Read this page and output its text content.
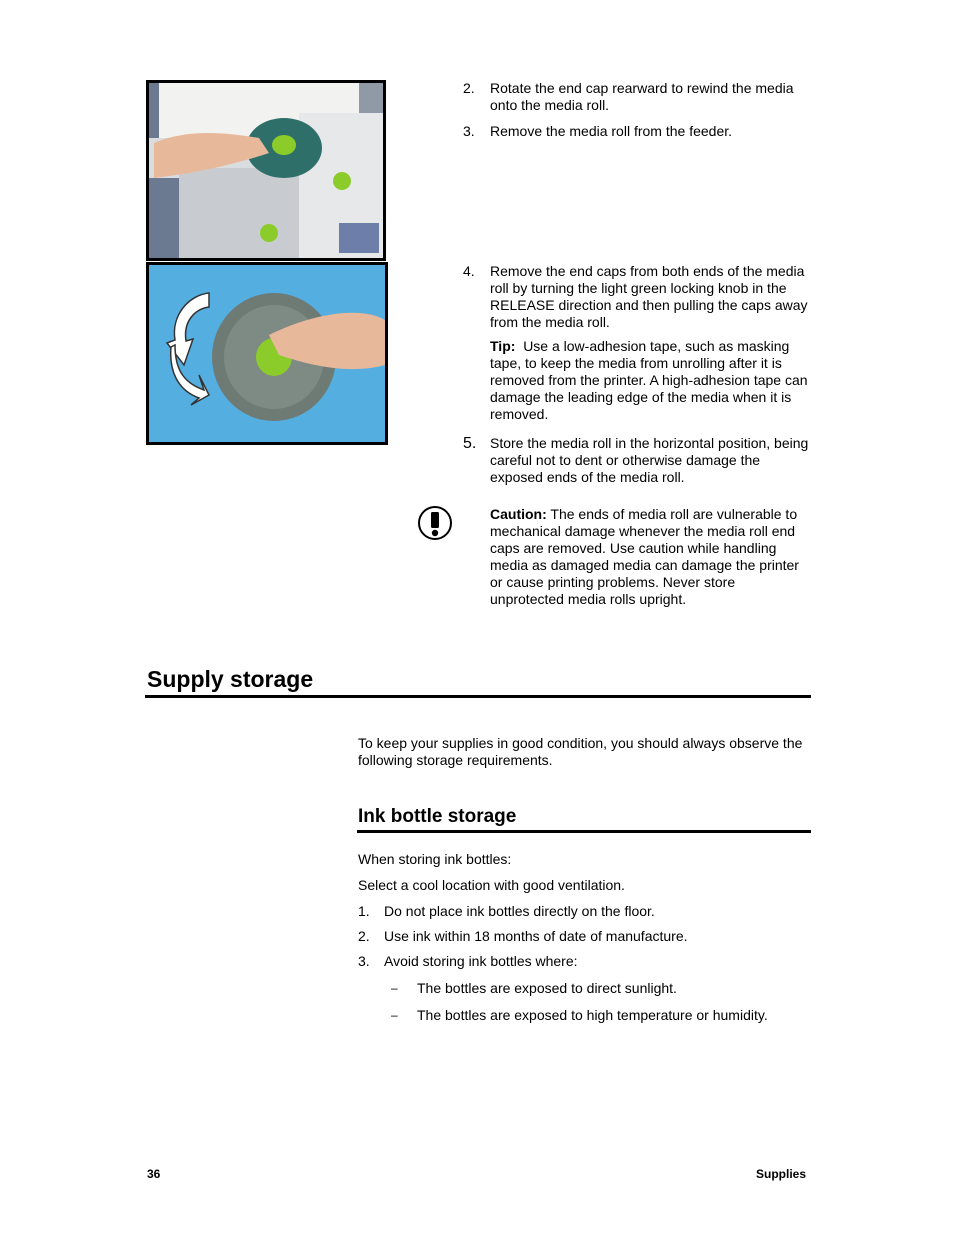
2. Rotate the end cap rearward to rewind the media onto the media roll.
3. Remove the media roll from the feeder.
4. Remove the end caps from both ends of the media roll by turning the light green locking knob in the RELEASE direction and then pulling the caps away from the media roll.
Tip: Use a low-adhesion tape, such as masking tape, to keep the media from unrolling after it is removed from the printer. A high-adhesion tape can damage the leading edge of the media when it is removed.
5. Store the media roll in the horizontal position, being careful not to dent or otherwise damage the exposed ends of the media roll.
Caution: The ends of media roll are vulnerable to mechanical damage whenever the media roll end caps are removed. Use caution while handling media as damaged media can damage the printer or cause printing problems. Never store unprotected media rolls upright.
Supply storage
To keep your supplies in good condition, you should always observe the following storage requirements.
Ink bottle storage
When storing ink bottles:
Select a cool location with good ventilation.
1. Do not place ink bottles directly on the floor.
2. Use ink within 18 months of date of manufacture.
3. Avoid storing ink bottles where:
– The bottles are exposed to direct sunlight.
– The bottles are exposed to high temperature or humidity.
36	Supplies
